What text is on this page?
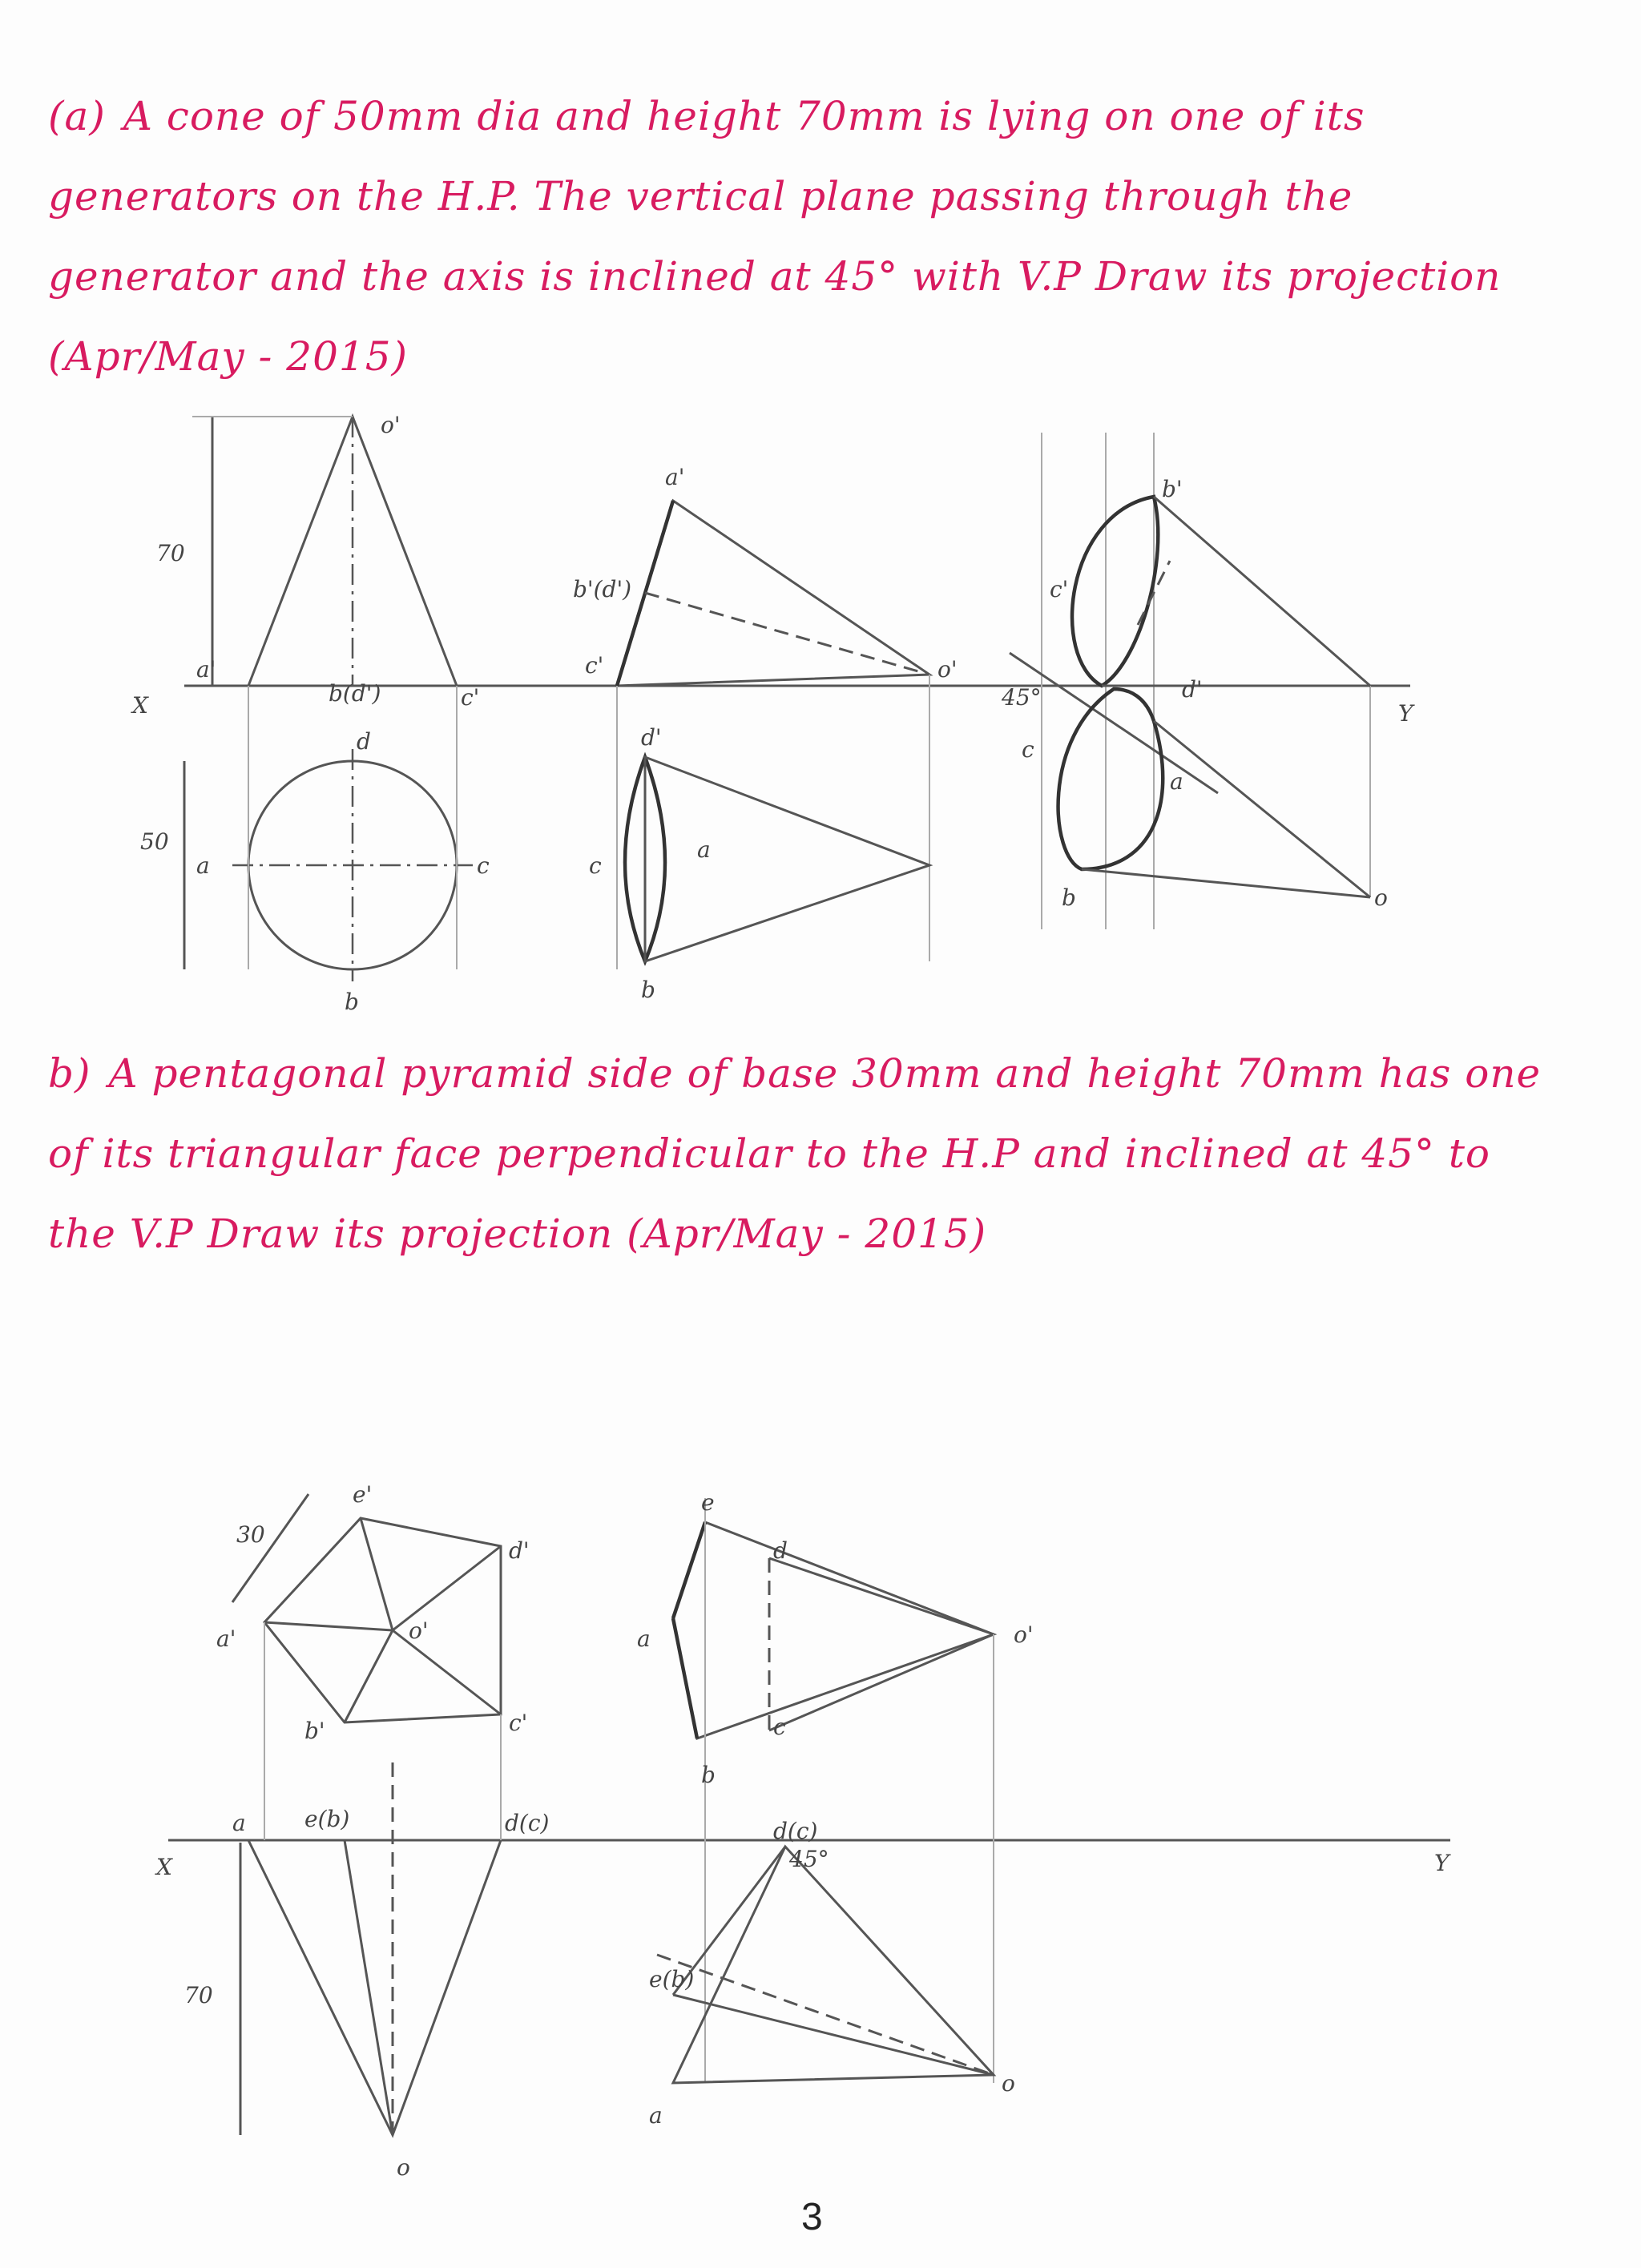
(a) A cone of 50mm dia and height 70mm is lying on one of its generators on the H.P. The vertical plane passing through the generator and the axis is inclined at 45° with V.P Draw its projection (Apr/May - 2015)
b) A pentagonal pyramid side of base 30mm and height 70mm has one of its triangular face perpendicular to the H.P and inclined at 45° to the V.P Draw its projection (Apr/May - 2015)
X	Y
70
50
o'
a'
b(d')	c'
d
a	c
b
a'
b'(d')
c'	o'
d'
c
a
b
45°
c'
b'
d'
c
a
b	o
X	Y
30
e'
d'
a'	o'
b'	c'
70
a	e(b)	d(c)
o
e
d
a
c
b
o'
d(c)
45°
e(b)
a
o
3
